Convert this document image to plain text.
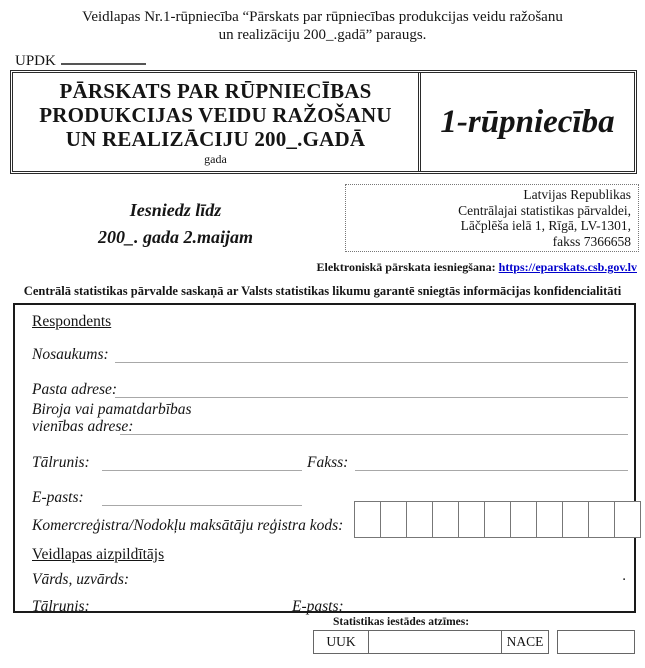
Veidlapas Nr.1-rūpniecība “Pārskats par rūpniecības produkcijas veidu ražošanu
un realizāciju 200_.gadā” paraugs.
UPDK
PĀRSKATS PAR RŪPNIECĪBAS
PRODUKCIJAS VEIDU RAŽOŠANU
UN REALIZĀCIJU 200_.GADĀ
gada
1-rūpniecība
Iesniedz līdz
200_. gada 2.maijam
Latvijas Republikas
Centrālajai statistikas pārvaldei,
Lāčplēša ielā 1, Rīgā, LV-1301,
fakss 7366658
Elektroniskā pārskata iesniegšana: https://eparskats.csb.gov.lv
Centrālā statistikas pārvalde saskaņā ar Valsts statistikas likumu garantē sniegtās informācijas konfidencialitāti
Respondents
Nosaukums:
Pasta adrese:
Biroja vai pamatdarbības
vienības adrese:
Tālrunis:	Fakss:
E-pasts:
Komercreģistra/Nodokļu maksātāju reģistra kods:
Veidlapas aizpildītājs
Vārds, uzvārds:	.
Tālrunis:	E-pasts:
Statistikas iestādes atzīmes:
UUK	NACE
